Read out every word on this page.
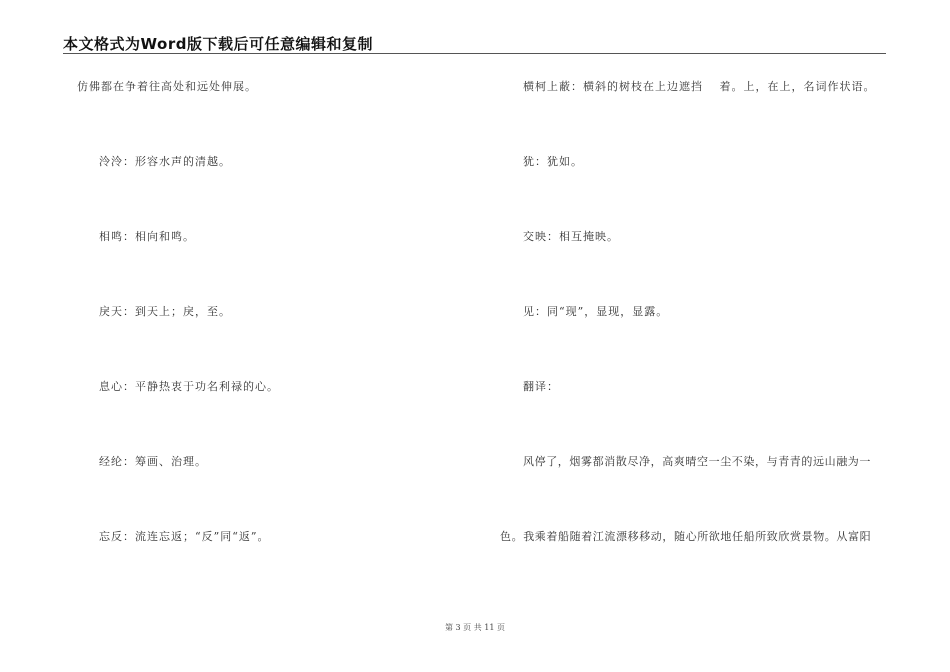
本文格式为Word版下载后可任意编辑和复制
仿佛都在争着往高处和远处伸展。
泠泠：形容水声的清越。
相鸣：相向和鸣。
戾天：到天上；戾，至。
息心：平静热衷于功名利禄的心。
经纶：筹画、治理。
忘反：流连忘返；“反”同“返”。
横柯上蔽：横斜的树枝在上边遮挡　 着。上，在上，名词作状语。
犹：犹如。
交映：相互掩映。
见：同“现”，显现，显露。
翻译：
风停了，烟雾都消散尽净，高爽晴空一尘不染，与青青的远山融为一
色。我乘着船随着江流漂移移动，随心所欲地任船所致欣赏景物。从富阳
第 3 页 共 11 页
